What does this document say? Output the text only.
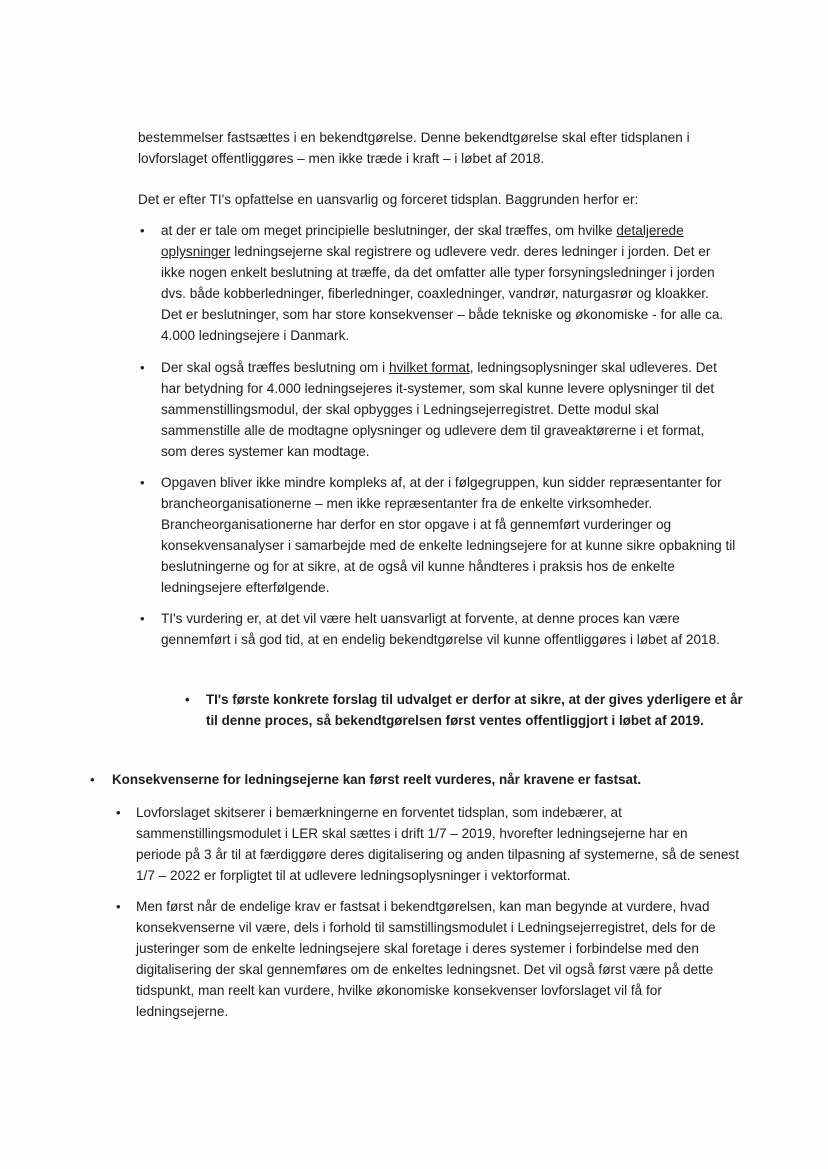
bestemmelser fastsættes i en bekendtgørelse. Denne bekendtgørelse skal efter tidsplanen i

lovforslaget offentliggøres – men ikke træde i kraft – i løbet af 2018.

Det er efter TI's opfattelse en uansvarlig og forceret tidsplan. Baggrunden herfor er:

• at der er tale om meget principielle beslutninger, der skal træffes, om hvilke detaljerede
oplysninger ledningsejerne skal registrere og udlevere vedr. deres ledninger i jorden. Det er
ikke nogen enkelt beslutning at træffe, da det omfatter alle typer forsyningsledninger i jorden
dvs. både kobberledninger, fiberledninger, coaxledninger, vandrør, naturgasrør og kloakker.
Det er beslutninger, som har store konsekvenser – både tekniske og økonomiske - for alle ca.
4.000 ledningsejere i Danmark.
• Der skal også træffes beslutning om i hvilket format, ledningsoplysninger skal udleveres. Det
har betydning for 4.000 ledningsejeres it-systemer, som skal kunne levere oplysninger til det
sammenstillingsmodul, der skal opbygges i Ledningsejerregistret. Dette modul skal
sammenstille alle de modtagne oplysninger og udlevere dem til graveaktørerne i et format,
som deres systemer kan modtage.
• Opgaven bliver ikke mindre kompleks af, at der i følgegruppen, kun sidder repræsentanter for
brancheorganisationerne – men ikke repræsentanter fra de enkelte virksomheder.
Brancheorganisationerne har derfor en stor opgave i at få gennemført vurderinger og
konsekvensanalyser i samarbejde med de enkelte ledningsejere for at kunne sikre opbakning til
beslutningerne og for at sikre, at de også vil kunne håndteres i praksis hos de enkelte
ledningsejere efterfølgende.
• TI's vurdering er, at det vil være helt uansvarligt at forvente, at denne proces kan være
gennemført i så god tid, at en endelig bekendtgørelse vil kunne offentliggøres i løbet af 2018.
• TI's første konkrete forslag til udvalget er derfor at sikre, at der gives yderligere et år
til denne proces, så bekendtgørelsen først ventes offentliggjort i løbet af 2019.
• Konsekvenserne for ledningsejerne kan først reelt vurderes, når kravene er fastsat.
• Lovforslaget skitserer i bemærkningerne en forventet tidsplan, som indebærer, at
sammenstillingsmodulet i LER skal sættes i drift 1/7 – 2019, hvorefter ledningsejerne har en
periode på 3 år til at færdiggøre deres digitalisering og anden tilpasning af systemerne, så de senest
1/7 – 2022 er forpligtet til at udlevere ledningsoplysninger i vektorformat.
• Men først når de endelige krav er fastsat i bekendtgørelsen, kan man begynde at vurdere, hvad
konsekvenserne vil være, dels i forhold til samstillingsmodulet i Ledningsejerregistret, dels for de
justeringer som de enkelte ledningsejere skal foretage i deres systemer i forbindelse med den
digitalisering der skal gennemføres om de enkeltes ledningsnet. Det vil også først være på dette
tidspunkt, man reelt kan vurdere, hvilke økonomiske konsekvenser lovforslaget vil få for
ledningsejerne.
